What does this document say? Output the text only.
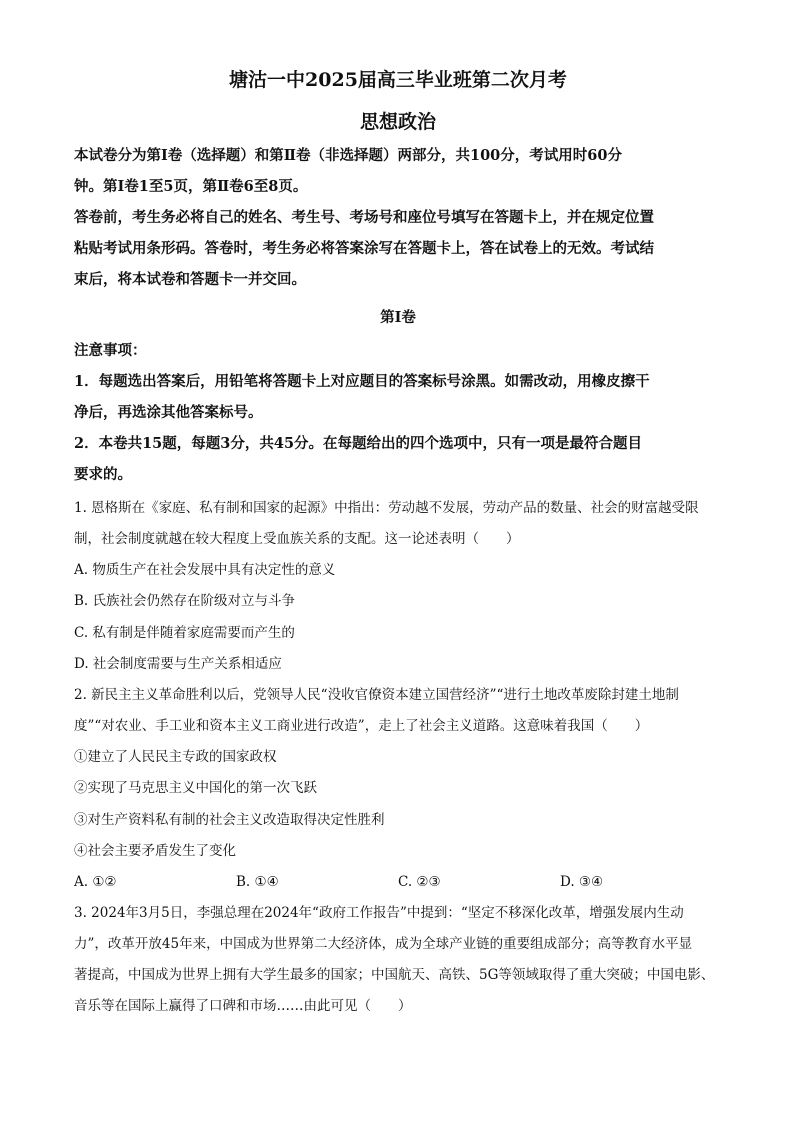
塘沽一中2025届高三毕业班第二次月考
思想政治

本试卷分为第Ⅰ卷（选择题）和第Ⅱ卷（非选择题）两部分，共100分，考试用时60分

钟。第Ⅰ卷1至5页，第Ⅱ卷6至8页。

答卷前，考生务必将自己的姓名、考生号、考场号和座位号填写在答题卡上，并在规定位置

粘贴考试用条形码。答卷时，考生务必将答案涂写在答题卡上，答在试卷上的无效。考试结

束后，将本试卷和答题卡一并交回。

第Ⅰ卷

注意事项：

1．每题选出答案后，用铅笔将答题卡上对应题目的答案标号涂黑。如需改动，用橡皮擦干

净后，再选涂其他答案标号。

2．本卷共15题，每题3分，共45分。在每题给出的四个选项中，只有一项是最符合题目

要求的。

1. 恩格斯在《家庭、私有制和国家的起源》中指出：劳动越不发展，劳动产品的数量、社会的财富越受限

制，社会制度就越在较大程度上受血族关系的支配。这一论述表明（　　）

A. 物质生产在社会发展中具有决定性的意义

B. 氏族社会仍然存在阶级对立与斗争

C. 私有制是伴随着家庭需要而产生的

D. 社会制度需要与生产关系相适应

2. 新民主主义革命胜利以后，党领导人民“没收官僚资本建立国营经济”“进行土地改革废除封建土地制

度”“对农业、手工业和资本主义工商业进行改造”，走上了社会主义道路。这意味着我国（　　）

①建立了人民民主专政的国家政权

②实现了马克思主义中国化的第一次飞跃

③对生产资料私有制的社会主义改造取得决定性胜利

④社会主要矛盾发生了变化

A. ①②	B. ①④	C. ②③	D. ③④

3. 2024年3月5日，李强总理在2024年“政府工作报告”中提到：“坚定不移深化改革，增强发展内生动

力”，改革开放45年来，中国成为世界第二大经济体，成为全球产业链的重要组成部分；高等教育水平显

著提高，中国成为世界上拥有大学生最多的国家；中国航天、高铁、5G等领域取得了重大突破；中国电影、

音乐等在国际上赢得了口碑和市场……由此可见（　　）
